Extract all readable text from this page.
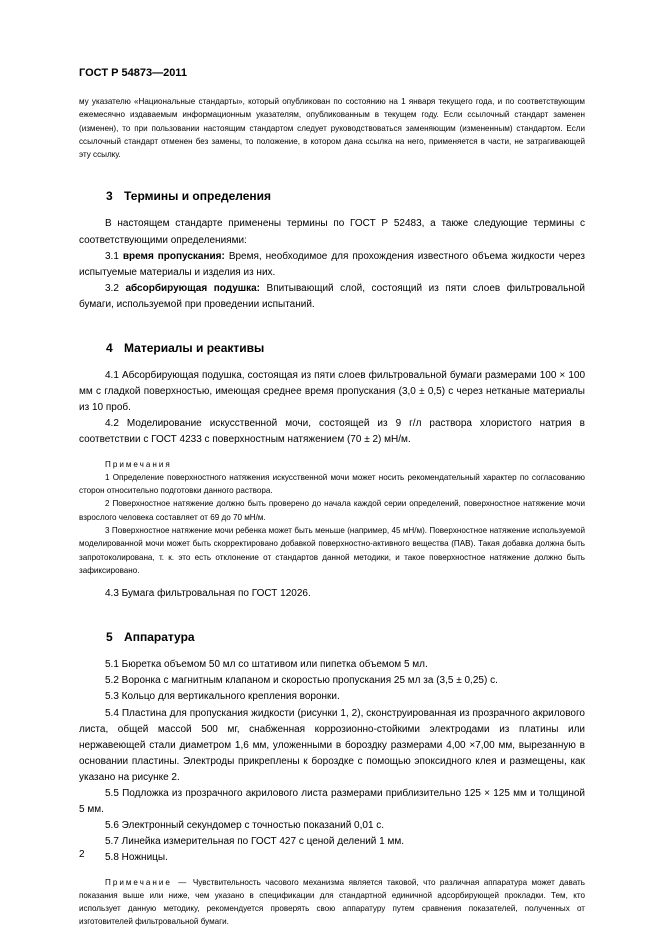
ГОСТ Р 54873—2011

му указателю «Национальные стандарты», который опубликован по состоянию на 1 января текущего года, и по соответствующим ежемесячно издаваемым информационным указателям, опубликованным в текущем году. Если ссылочный стандарт заменен (изменен), то при пользовании настоящим стандартом следует руководствоваться заменяющим (измененным) стандартом. Если ссылочный стандарт отменен без замены, то положение, в котором дана ссылка на него, применяется в части, не затрагивающей эту ссылку.

3 Термины и определения

В настоящем стандарте применены термины по ГОСТ Р 52483, а также следующие термины с соответствующими определениями:

3.1 время пропускания: Время, необходимое для прохождения известного объема жидкости через испытуемые материалы и изделия из них.

3.2 абсорбирующая подушка: Впитывающий слой, состоящий из пяти слоев фильтровальной бумаги, используемой при проведении испытаний.

4 Материалы и реактивы

4.1 Абсорбирующая подушка, состоящая из пяти слоев фильтровальной бумаги размерами 100 × 100 мм с гладкой поверхностью, имеющая среднее время пропускания (3,0 ± 0,5) с через нетканые материалы из 10 проб.

4.2 Моделирование искусственной мочи, состоящей из 9 г/л раствора хлористого натрия в соответствии с ГОСТ 4233 с поверхностным натяжением (70 ± 2) мН/м.

Примечания

1 Определение поверхностного натяжения искусственной мочи может носить рекомендательный характер по согласованию сторон относительно подготовки данного раствора.

2 Поверхностное натяжение должно быть проверено до начала каждой серии определений, поверхностное натяжение мочи взрослого человека составляет от 69 до 70 мН/м.

3 Поверхностное натяжение мочи ребенка может быть меньше (например, 45 мН/м). Поверхностное натяжение используемой моделированной мочи может быть скорректировано добавкой поверхностно-активного вещества (ПАВ). Такая добавка должна быть запротоколирована, т. к. это есть отклонение от стандартов данной методики, и такое поверхностное натяжение должно быть зафиксировано.

4.3 Бумага фильтровальная по ГОСТ 12026.

5 Аппаратура

5.1 Бюретка объемом 50 мл со штативом или пипетка объемом 5 мл.

5.2 Воронка с магнитным клапаном и скоростью пропускания 25 мл за (3,5 ± 0,25) с.

5.3 Кольцо для вертикального крепления воронки.

5.4 Пластина для пропускания жидкости (рисунки 1, 2), сконструированная из прозрачного акрилового листа, общей массой 500 мг, снабженная коррозионно-стойкими электродами из платины или нержавеющей стали диаметром 1,6 мм, уложенными в бороздку размерами 4,00 ×7,00 мм, вырезанную в основании пластины. Электроды прикреплены к бороздке с помощью эпоксидного клея и размещены, как указано на рисунке 2.

5.5 Подложка из прозрачного акрилового листа размерами приблизительно 125 × 125 мм и толщиной 5 мм.

5.6 Электронный секундомер с точностью показаний 0,01 с.

5.7 Линейка измерительная по ГОСТ 427 с ценой делений 1 мм.

5.8 Ножницы.

Примечание — Чувствительность часового механизма является таковой, что различная аппаратура может давать показания выше или ниже, чем указано в спецификации для стандартной единичной адсорбирующей прокладки. Тем, кто использует данную методику, рекомендуется проверять свою аппаратуру путем сравнения показателей, полученных от изготовителей фильтровальной бумаги.

2
